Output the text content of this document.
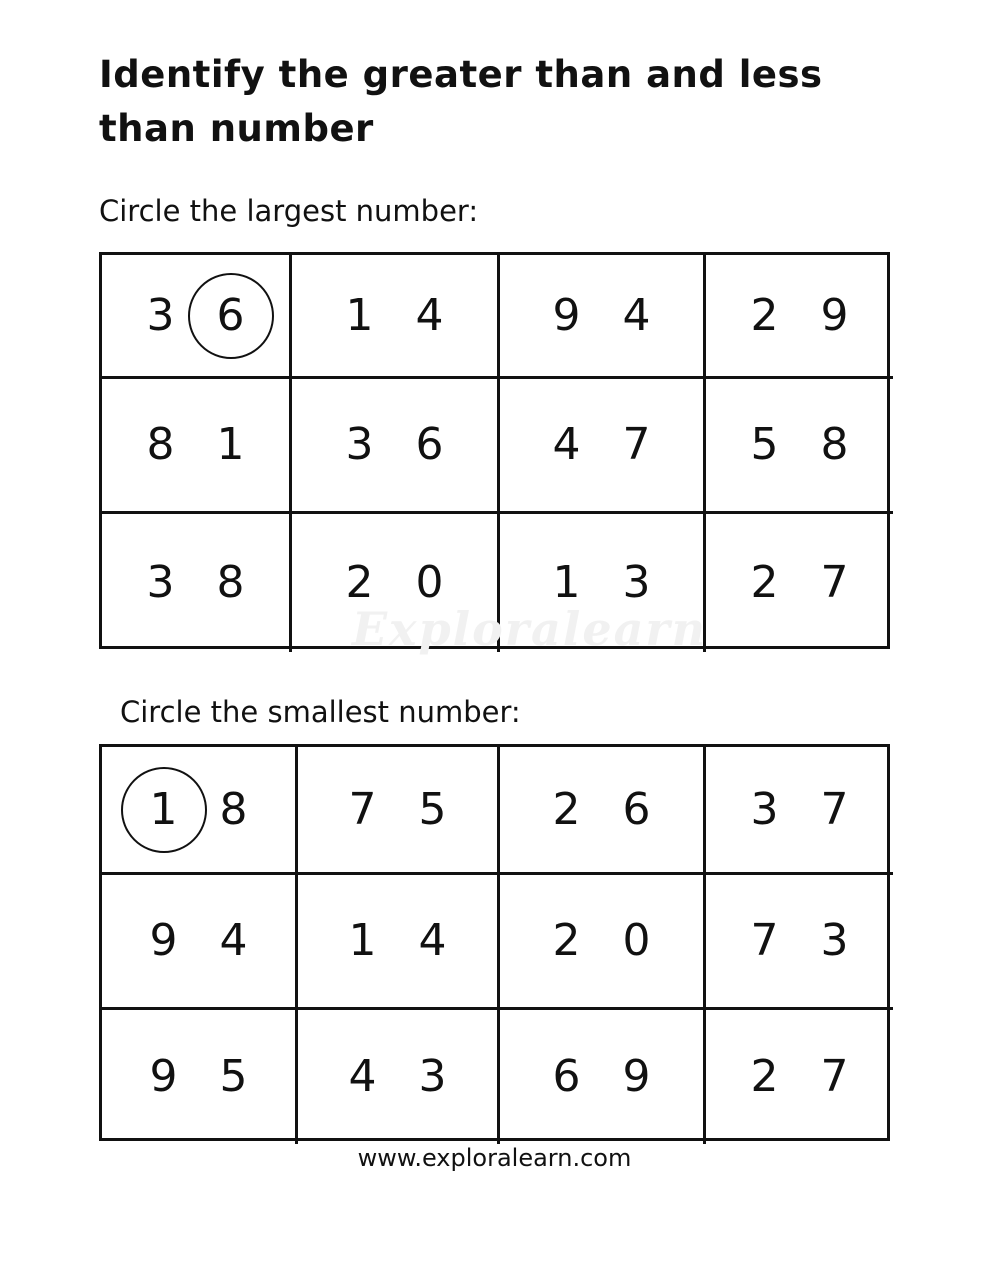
Identify the greater than and less than number

Circle the largest number:

3 6 1 4 9 4 2 9
8 1 3 6 4 7 5 8
3 8 2 0 1 3 2 7

Exploralearn

Circle the smallest number:

1 8 7 5 2 6 3 7
9 4 1 4 2 0 7 3
9 5 4 3 6 9 2 7

www.exploralearn.com
